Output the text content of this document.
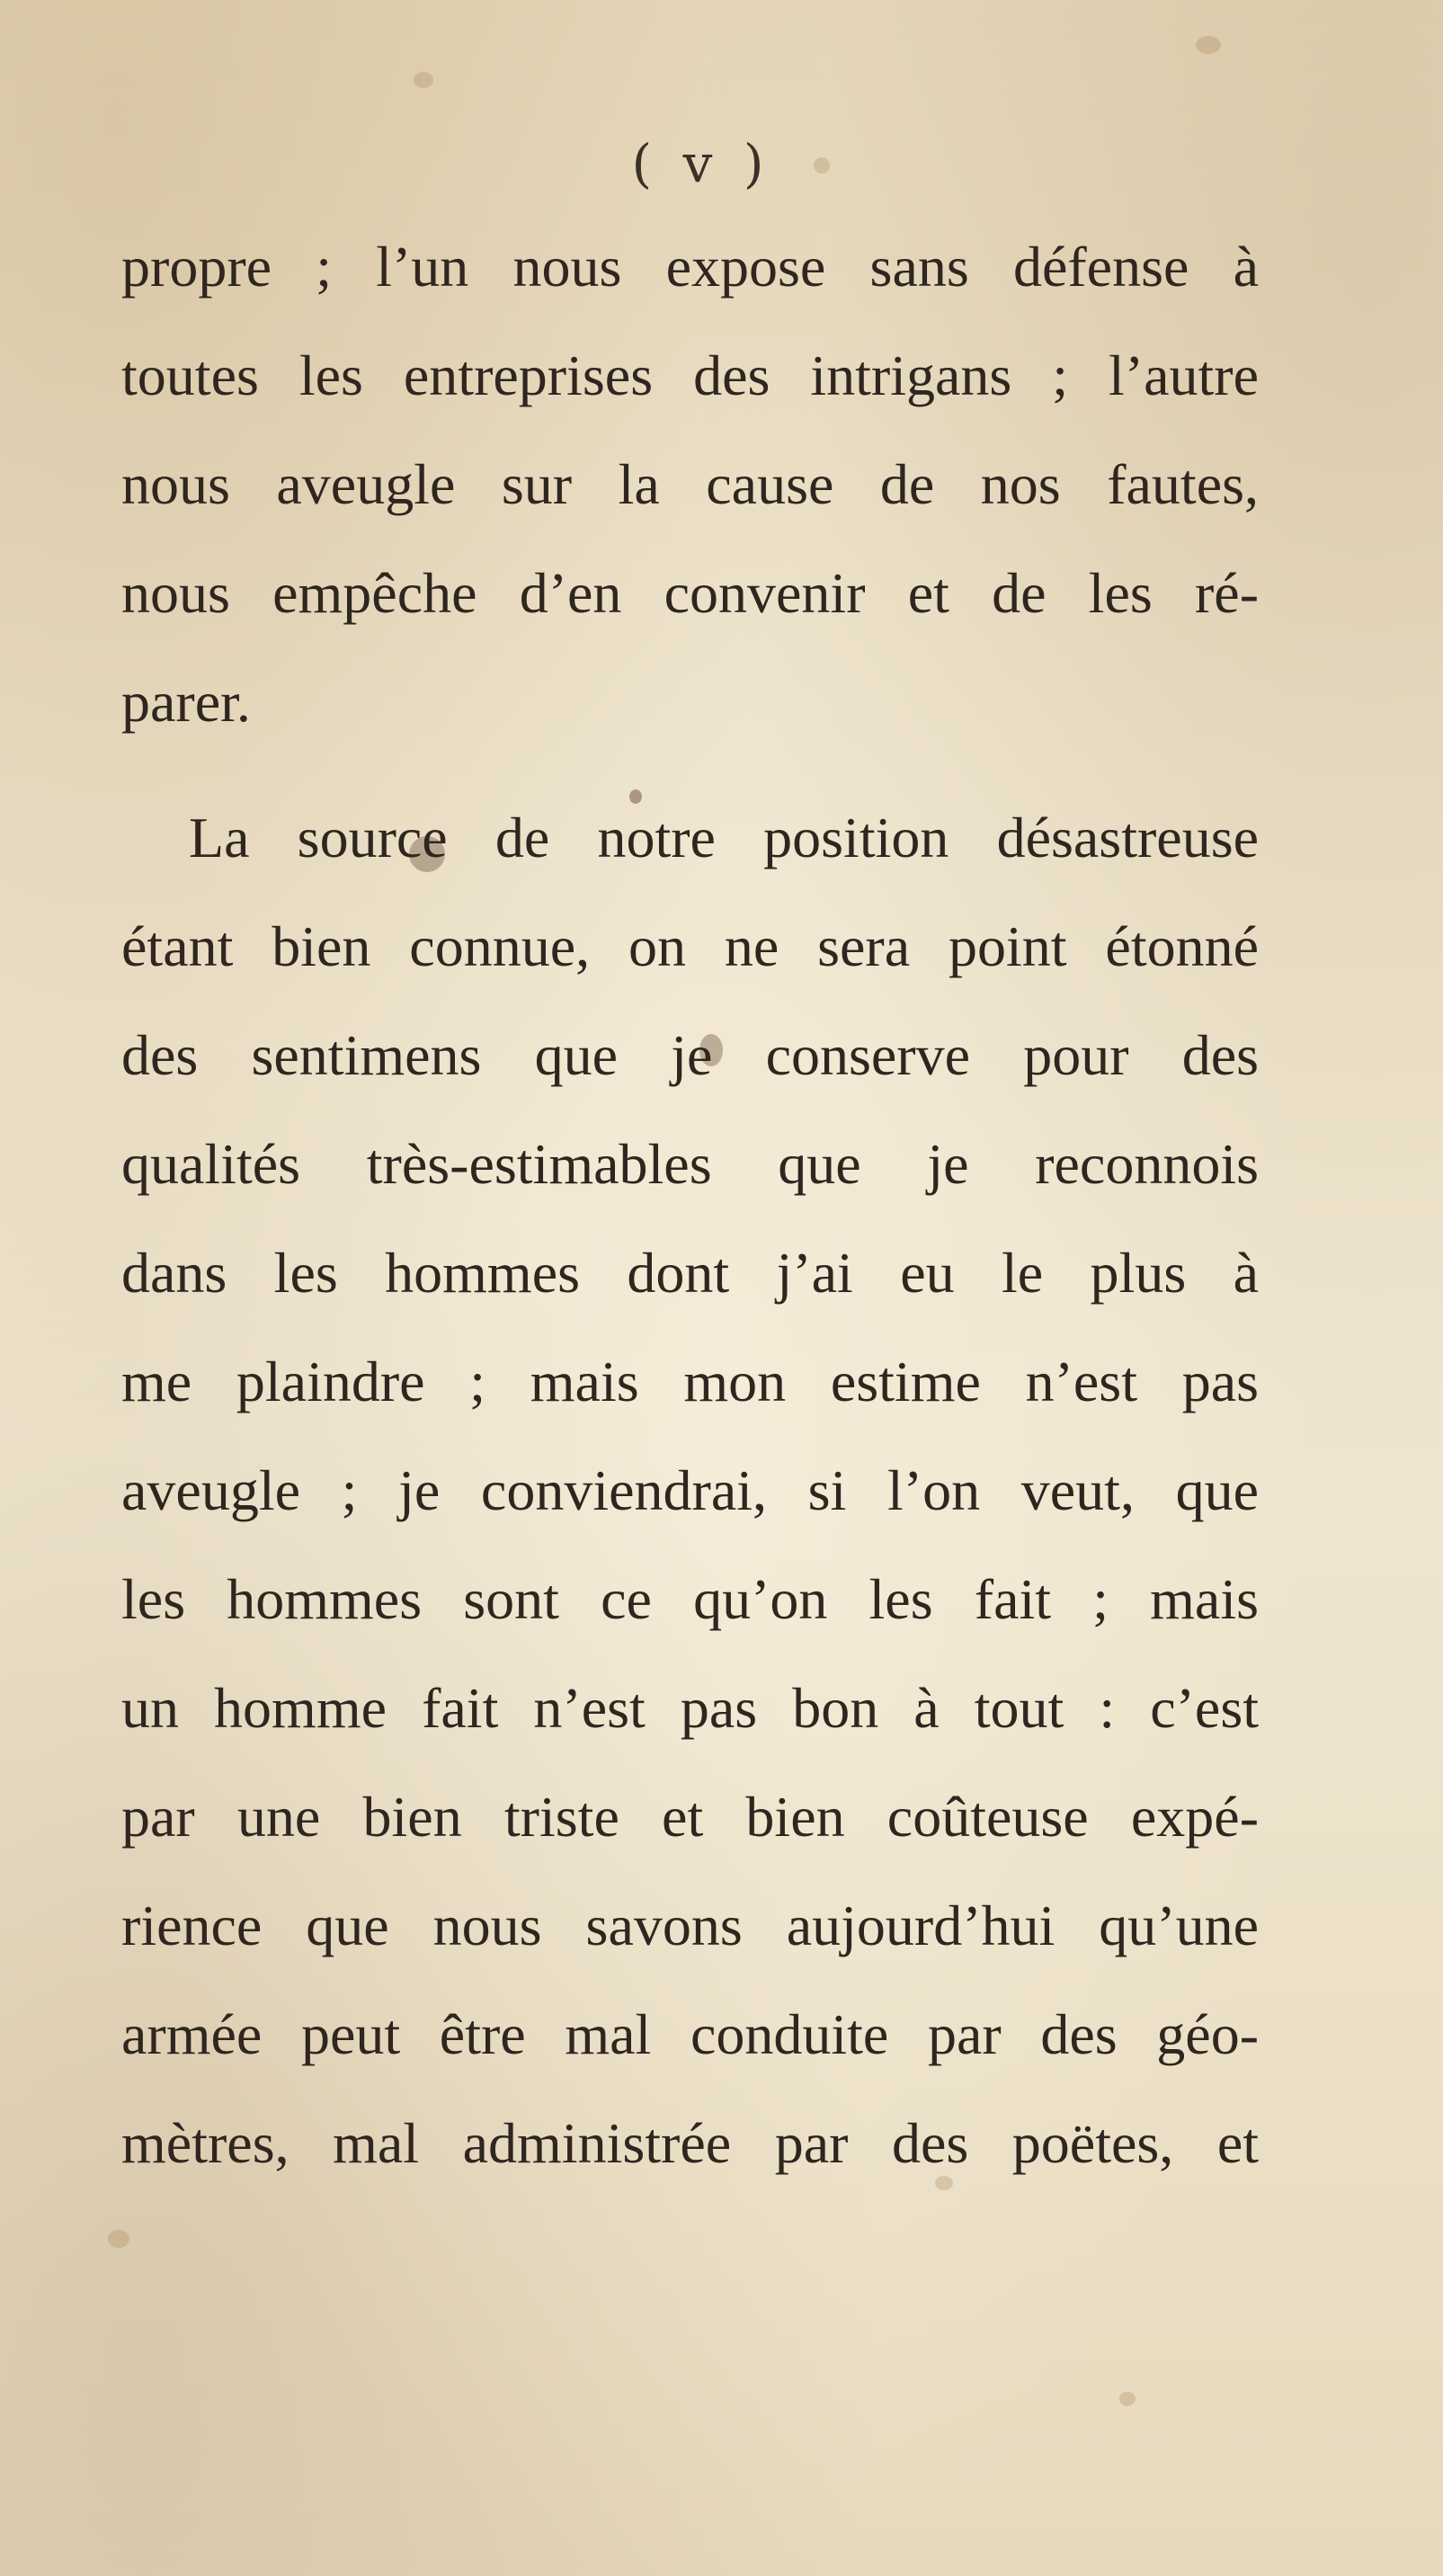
( v )
propre ; l’un nous expose sans défense à
toutes les entreprises des intrigans ; l’autre
nous aveugle sur la cause de nos fautes,
nous empêche d’en convenir et de les ré-
parer.
La source de notre position désastreuse
étant bien connue, on ne sera point étonné
des sentimens que je conserve pour des
qualités très-estimables que je reconnois
dans les hommes dont j’ai eu le plus à
me plaindre ; mais mon estime n’est pas
aveugle ; je conviendrai, si l’on veut, que
les hommes sont ce qu’on les fait ; mais
un homme fait n’est pas bon à tout : c’est
par une bien triste et bien coûteuse expé-
rience que nous savons aujourd’hui qu’une
armée peut être mal conduite par des géo-
mètres, mal administrée par des poëtes, et
